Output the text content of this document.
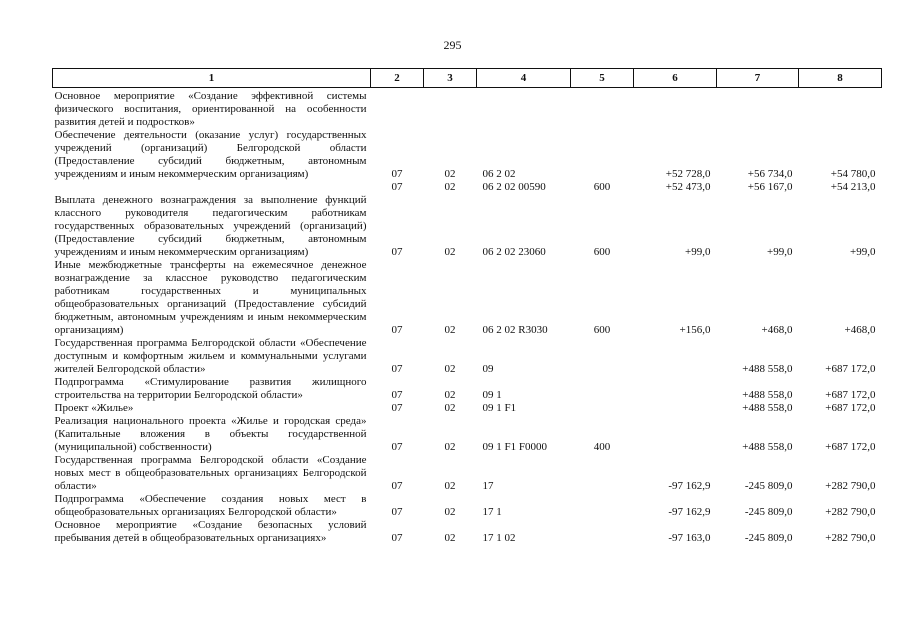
295
1	2	3	4	5	6	7	8
Основное мероприятие «Создание эффективной системы физического воспитания, ориентированной на особенности развития детей и подростков»							
Обеспечение деятельности (оказание услуг) государственных учреждений (организаций) Белгородской области (Предоставление субсидий бюджетным, автономным учреждениям и иным некоммерческим организациям)	07	02	06 2 02		+52 728,0	+56 734,0	+54 780,0
	07	02	06 2 02 00590	600	+52 473,0	+56 167,0	+54 213,0
Выплата денежного вознаграждения за выполнение функций классного руководителя педагогическим работникам государственных образовательных учреждений (организаций) (Предоставление субсидий бюджетным, автономным учреждениям и иным некоммерческим организациям)	07	02	06 2 02 23060	600	+99,0	+99,0	+99,0
Иные межбюджетные трансферты на ежемесячное денежное вознаграждение за классное руководство педагогическим работникам государственных и муниципальных общеобразовательных организаций (Предоставление субсидий бюджетным, автономным учреждениям и иным некоммерческим организациям)	07	02	06 2 02 R3030	600	+156,0	+468,0	+468,0
Государственная программа Белгородской области «Обеспечение доступным и комфортным жильем и коммунальными услугами жителей Белгородской области»	07	02	09			+488 558,0	+687 172,0
Подпрограмма «Стимулирование развития жилищного строительства на территории Белгородской области»	07	02	09 1			+488 558,0	+687 172,0
Проект «Жилье»	07	02	09 1 F1			+488 558,0	+687 172,0
Реализация национального проекта «Жилье и городская среда» (Капитальные вложения в объекты государственной (муниципальной) собственности)	07	02	09 1 F1 F0000	400		+488 558,0	+687 172,0
Государственная программа Белгородской области «Создание новых мест в общеобразовательных организациях Белгородской области»	07	02	17		-97 162,9	-245 809,0	+282 790,0
Подпрограмма «Обеспечение создания новых мест в общеобразовательных организациях Белгородской области»	07	02	17 1		-97 162,9	-245 809,0	+282 790,0
Основное мероприятие «Создание безопасных условий пребывания детей в общеобразовательных организациях»	07	02	17 1 02		-97 163,0	-245 809,0	+282 790,0
